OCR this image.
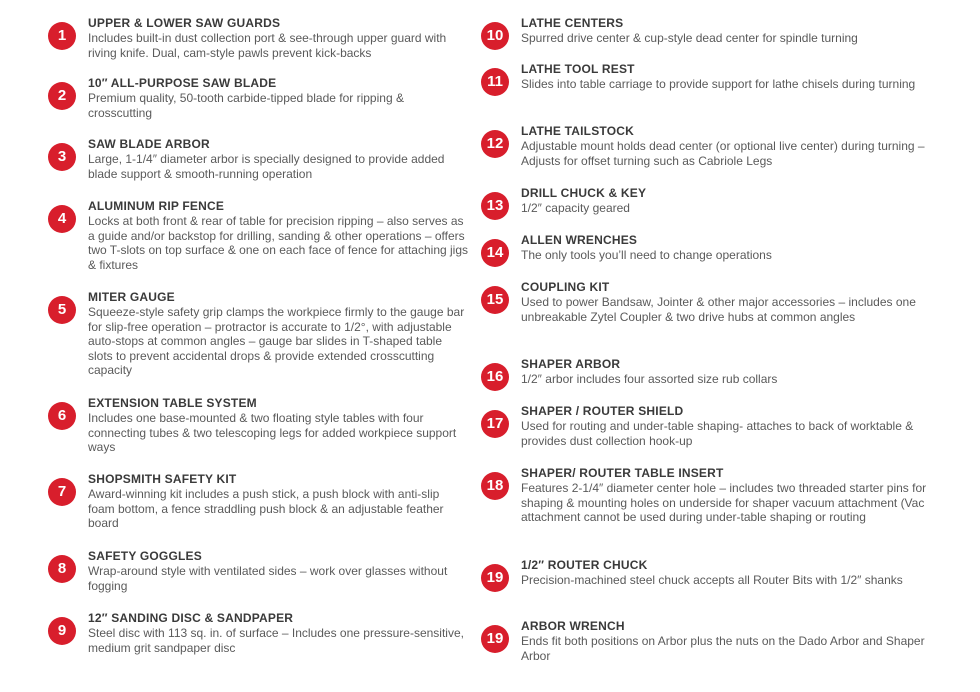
1

UPPER & LOWER SAW GUARDS

Includes built-in dust collection port & see-through upper guard with riving knife. Dual, cam-style pawls prevent kick-backs

2

10″ ALL-PURPOSE SAW BLADE

Premium quality, 50-tooth carbide-tipped blade for ripping & crosscutting

3

SAW BLADE ARBOR

Large, 1-1/4″ diameter arbor is specially designed to provide added blade support & smooth-running operation

4

ALUMINUM RIP FENCE

Locks at both front & rear of table for precision ripping – also serves as a guide and/or backstop for drilling, sanding & other operations – offers two T-slots on top surface & one on each face of fence for attaching jigs & fixtures

5

MITER GAUGE

Squeeze-style safety grip clamps the workpiece firmly to the gauge bar for slip-free operation – protractor is accurate to 1/2°, with adjustable auto-stops at common angles – gauge bar slides in T-shaped table slots to prevent accidental drops & provide extended crosscutting capacity

6

EXTENSION TABLE SYSTEM

Includes one base-mounted & two floating style tables with four connecting tubes & two telescoping legs for added workpiece support ways

7

SHOPSMITH SAFETY KIT

Award-winning kit includes a push stick, a push block with anti-slip foam bottom, a fence straddling push block & an adjustable feather board

8

SAFETY GOGGLES

Wrap-around style with ventilated sides – work over glasses without fogging

9

12″ SANDING DISC & SANDPAPER

Steel disc with 113 sq. in. of surface – Includes one pressure-sensitive, medium grit sandpaper disc

10

LATHE CENTERS

Spurred drive center & cup-style dead center for spindle turning

11

LATHE TOOL REST

Slides into table carriage to provide support for lathe chisels during turning

12

LATHE TAILSTOCK

Adjustable mount holds dead center (or optional live center) during turning – Adjusts for offset turning such as Cabriole Legs

13

DRILL CHUCK & KEY

1/2″ capacity geared

14

ALLEN WRENCHES

The only tools you’ll need to change operations

15

COUPLING KIT

Used to power Bandsaw, Jointer & other major accessories – includes one unbreakable Zytel Coupler & two drive hubs at common angles

16

SHAPER ARBOR

1/2″ arbor includes four assorted size rub collars

17

SHAPER / ROUTER SHIELD

Used for routing and under-table shaping- attaches to back of worktable & provides dust collection hook-up

18

SHAPER/ ROUTER TABLE INSERT

Features 2-1/4″ diameter center hole – includes two threaded starter pins for shaping & mounting holes on underside for shaper vacuum attachment (Vac attachment cannot be used during under-table shaping or routing

19

1/2″ ROUTER CHUCK

Precision-machined steel chuck accepts all Router Bits with 1/2″ shanks

19

ARBOR WRENCH

Ends fit both positions on Arbor plus the nuts on the Dado Arbor and Shaper Arbor
